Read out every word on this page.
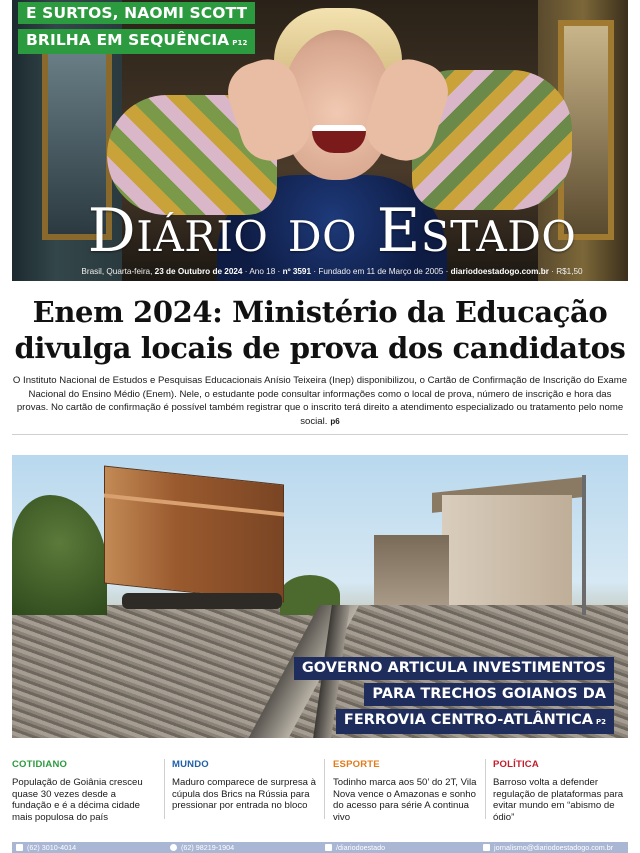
Diário do Estado
Brasil, Quarta-feira, 23 de Outubro de 2024 · Ano 18 · nº 3591 · Fundado em 11 de Março de 2005 · diariodoestadogo.com.br · R$1,50
E SURTOS, NAOMI SCOTT
BRILHA EM SEQUÊNCIA P12
Enem 2024: Ministério da Educação
divulga locais de prova dos candidatos

O Instituto Nacional de Estudos e Pesquisas Educacionais Anísio Teixeira (Inep) disponibilizou, o Cartão de Confirmação de Inscrição do Exame Nacional do Ensino Médio (Enem). Nele, o estudante pode consultar informações como o local de prova, número de inscrição e hora das provas. No cartão de confirmação é possível também registrar que o inscrito terá direito a atendimento especializado ou tratamento pelo nome social. p6

GOVERNO ARTICULA INVESTIMENTOS
PARA TRECHOS GOIANOS DA
FERROVIA CENTRO-ATLÂNTICA P2
COTIDIANO
População de Goiânia cresceu quase 30 vezes desde a fundação e é a décima cidade mais populosa do país
MUNDO
Maduro comparece de surpresa à cúpula dos Brics na Rússia para pressionar por entrada no bloco
ESPORTE
Todinho marca aos 50’ do 2T, Vila Nova vence o Amazonas e sonho do acesso para série A continua vivo
POLÍTICA
Barroso volta a defender regulação de plataformas para evitar mundo em “abismo de ódio”
(62) 3010-4014	(62) 98219-1904	/diariodoestado	jornalismo@diariodoestadogo.com.br
